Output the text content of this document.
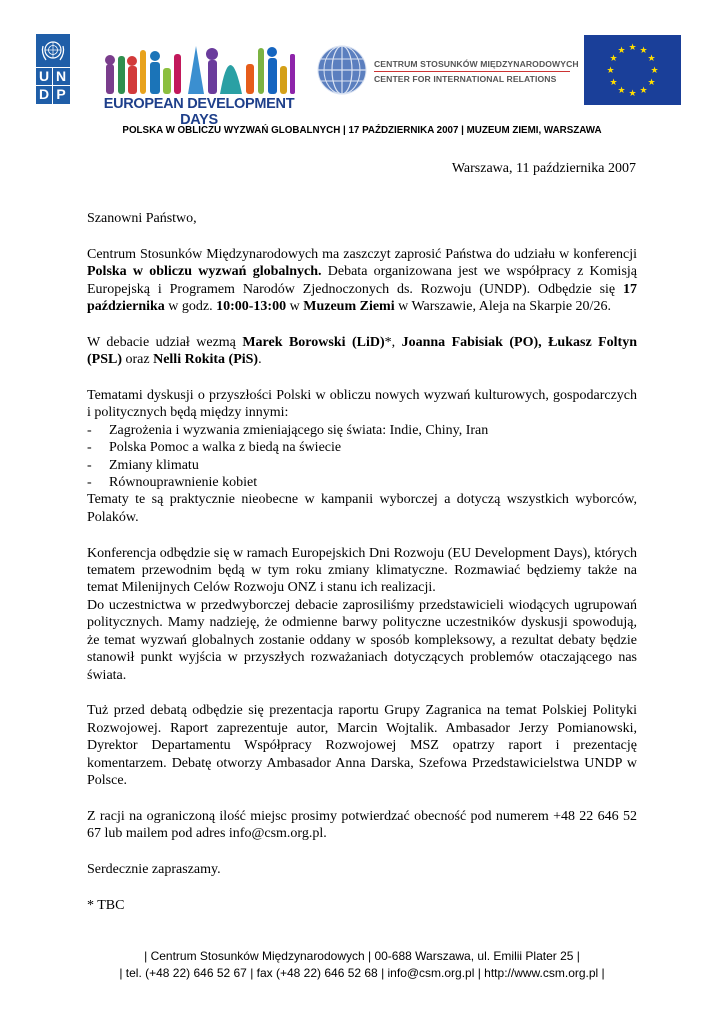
U N
D P
EUROPEAN DEVELOPMENT DAYS
CENTRUM STOSUNKÓW MIĘDZYNARODOWYCH
CENTER FOR INTERNATIONAL RELATIONS
★ ★
★
★
★
★
★
★
★
★
★
★
POLSKA W OBLICZU WYZWAŃ GLOBALNYCH | 17 PAŹDZIERNIKA 2007 | MUZEUM ZIEMI, WARSZAWA
Warszawa, 11 października 2007

Szanowni Państwo,

Centrum Stosunków Międzynarodowych ma zaszczyt zaprosić Państwa do udziału w konferencji Polska w obliczu wyzwań globalnych. Debata organizowana jest we współpracy z Komisją Europejską i Programem Narodów Zjednoczonych ds. Rozwoju (UNDP). Odbędzie się 17 października w godz. 10:00-13:00 w Muzeum Ziemi w Warszawie, Aleja na Skarpie 20/26.

W debacie udział wezmą Marek Borowski (LiD)*, Joanna Fabisiak (PO), Łukasz Foltyn (PSL) oraz Nelli Rokita (PiS).

Tematami dyskusji o przyszłości Polski w obliczu nowych wyzwań kulturowych, gospodarczych i politycznych będą między innymi:

-	Zagrożenia i wyzwania zmieniającego się świata: Indie, Chiny, Iran
-	Polska Pomoc a walka z biedą na świecie
-	Zmiany klimatu
-	Równouprawnienie kobiet

Tematy te są praktycznie nieobecne w kampanii wyborczej a dotyczą wszystkich wyborców, Polaków.

Konferencja odbędzie się w ramach Europejskich Dni Rozwoju (EU Development Days), których tematem przewodnim będą w tym roku zmiany klimatyczne. Rozmawiać będziemy także na temat Milenijnych Celów Rozwoju ONZ i stanu ich realizacji.

Do uczestnictwa w przedwyborczej debacie zaprosiliśmy przedstawicieli wiodących ugrupowań politycznych. Mamy nadzieję, że odmienne barwy polityczne uczestników dyskusji spowodują, że temat wyzwań globalnych zostanie oddany w sposób kompleksowy, a rezultat debaty będzie stanowił punkt wyjścia w przyszłych rozważaniach dotyczących problemów otaczającego nas świata.

Tuż przed debatą odbędzie się prezentacja raportu Grupy Zagranica na temat Polskiej Polityki Rozwojowej. Raport zaprezentuje autor, Marcin Wojtalik. Ambasador Jerzy Pomianowski, Dyrektor Departamentu Współpracy Rozwojowej MSZ opatrzy raport i prezentację komentarzem. Debatę otworzy Ambasador Anna Darska, Szefowa Przedstawicielstwa UNDP w Polsce.

Z racji na ograniczoną ilość miejsc prosimy potwierdzać obecność pod numerem +48 22 646 52 67 lub mailem pod adres info@csm.org.pl.

Serdecznie zapraszamy.

* TBC

| Centrum Stosunków Międzynarodowych | 00-688 Warszawa, ul. Emilii Plater 25 |
| tel. (+48 22) 646 52 67 | fax (+48 22) 646 52 68 | info@csm.org.pl | http://www.csm.org.pl |
